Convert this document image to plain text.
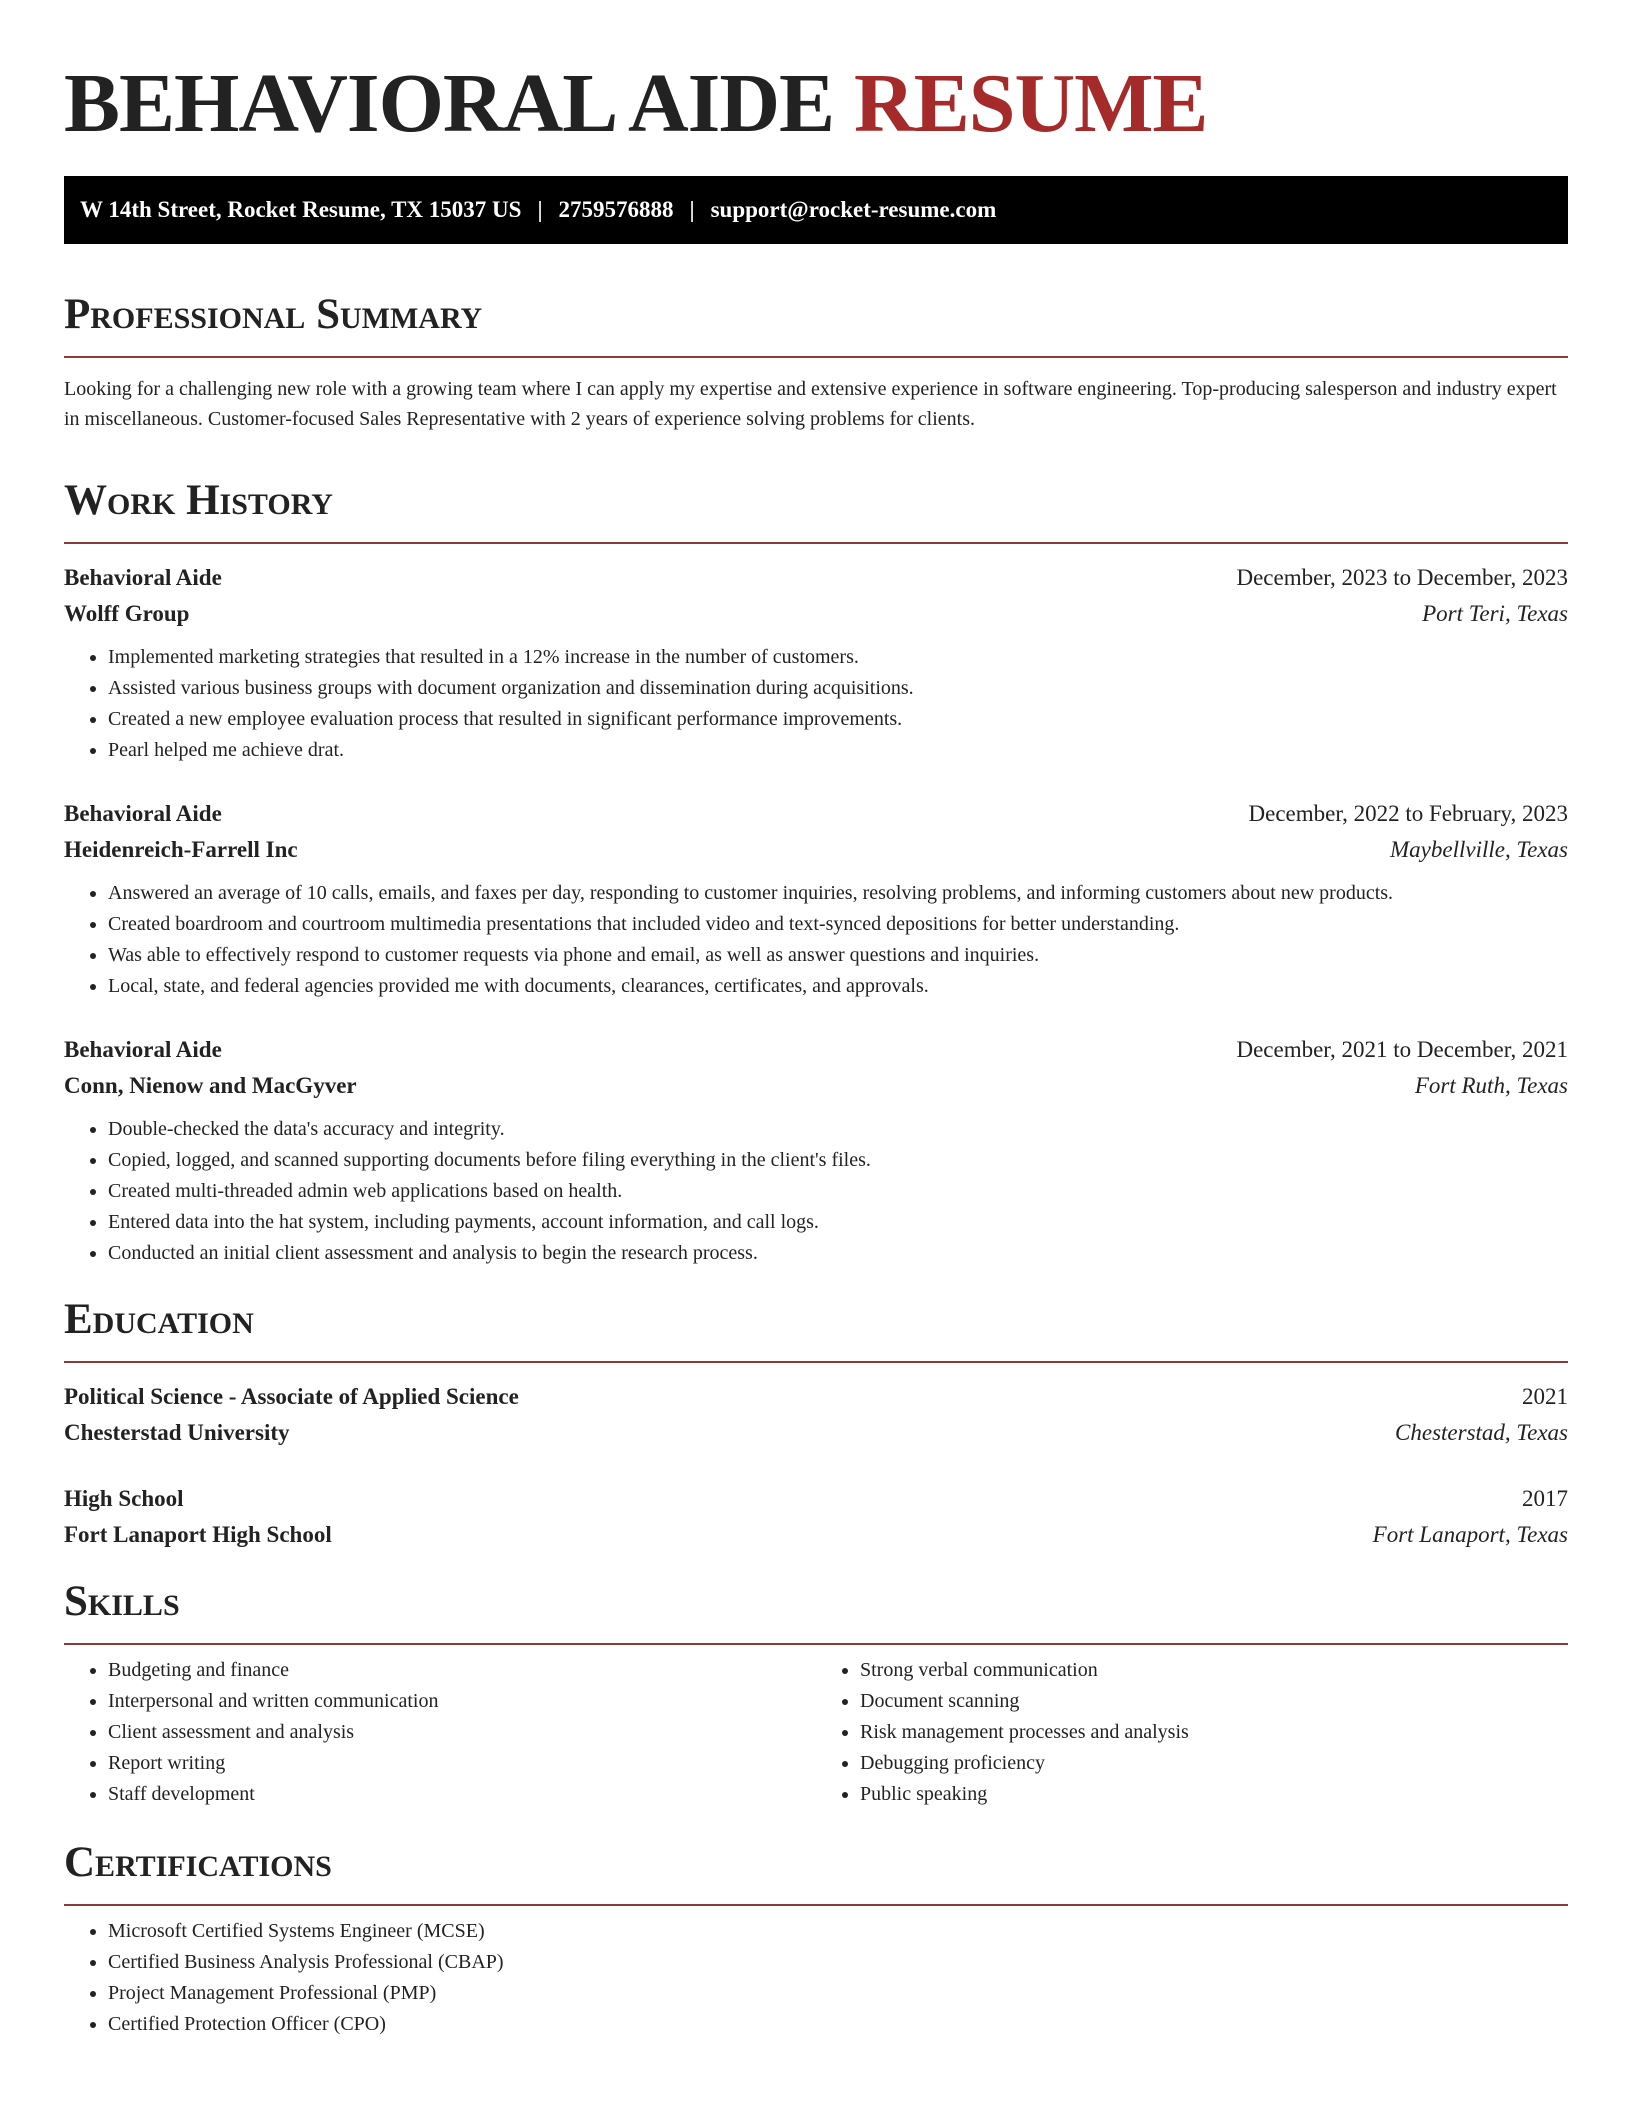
BEHAVIORAL AIDE RESUME
W 14th Street, Rocket Resume, TX 15037 US | 2759576888 | support@rocket-resume.com
Professional Summary

Looking for a challenging new role with a growing team where I can apply my expertise and extensive experience in software engineering. Top-producing salesperson and industry expert in miscellaneous. Customer-focused Sales Representative with 2 years of experience solving problems for clients.

Work History
Behavioral Aide	December, 2023 to December, 2023
Wolff Group	Port Teri, Texas
• Implemented marketing strategies that resulted in a 12% increase in the number of customers.
• Assisted various business groups with document organization and dissemination during acquisitions.
• Created a new employee evaluation process that resulted in significant performance improvements.
• Pearl helped me achieve drat.
Behavioral Aide	December, 2022 to February, 2023
Heidenreich-Farrell Inc	Maybellville, Texas
• Answered an average of 10 calls, emails, and faxes per day, responding to customer inquiries, resolving problems, and informing customers about new products.
• Created boardroom and courtroom multimedia presentations that included video and text-synced depositions for better understanding.
• Was able to effectively respond to customer requests via phone and email, as well as answer questions and inquiries.
• Local, state, and federal agencies provided me with documents, clearances, certificates, and approvals.
Behavioral Aide	December, 2021 to December, 2021
Conn, Nienow and MacGyver	Fort Ruth, Texas
• Double-checked the data's accuracy and integrity.
• Copied, logged, and scanned supporting documents before filing everything in the client's files.
• Created multi-threaded admin web applications based on health.
• Entered data into the hat system, including payments, account information, and call logs.
• Conducted an initial client assessment and analysis to begin the research process.
Education
Political Science - Associate of Applied Science	2021
Chesterstad University	Chesterstad, Texas
High School	2017
Fort Lanaport High School	Fort Lanaport, Texas
Skills
• Budgeting and finance
• Interpersonal and written communication
• Client assessment and analysis
• Report writing
• Staff development
• Strong verbal communication
• Document scanning
• Risk management processes and analysis
• Debugging proficiency
• Public speaking
Certifications
• Microsoft Certified Systems Engineer (MCSE)
• Certified Business Analysis Professional (CBAP)
• Project Management Professional (PMP)
• Certified Protection Officer (CPO)
